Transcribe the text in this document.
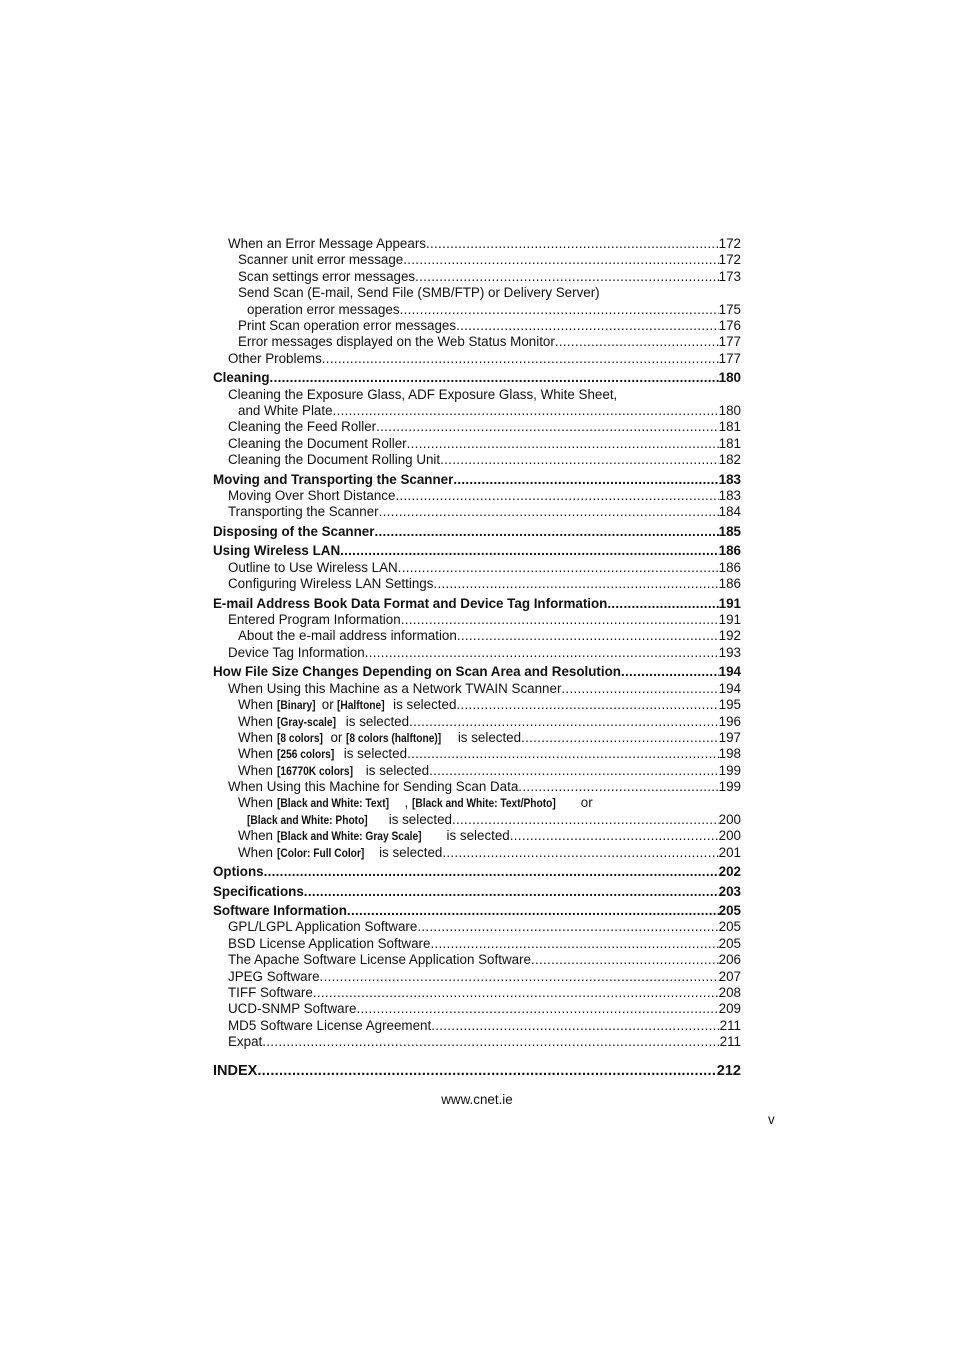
When an Error Message Appears .....	172
Scanner unit error message .....	172
Scan settings error messages .....	173
Send Scan (E-mail, Send File (SMB/FTP) or Delivery Server)
operation error messages .....	175
Print Scan operation error messages .....	176
Error messages displayed on the Web Status Monitor .....	177
Other Problems .....	177
Cleaning .....	180
Cleaning the Exposure Glass, ADF Exposure Glass, White Sheet,
and White Plate .....	180
Cleaning the Feed Roller .....	181
Cleaning the Document Roller .....	181
Cleaning the Document Rolling Unit .....	182
Moving and Transporting the Scanner .....	183
Moving Over Short Distance .....	183
Transporting the Scanner .....	184
Disposing of the Scanner .....	185
Using Wireless LAN .....	186
Outline to Use Wireless LAN .....	186
Configuring Wireless LAN Settings .....	186
E-mail Address Book Data Format and Device Tag Information .....	191
Entered Program Information .....	191
About the e-mail address information .....	192
Device Tag Information .....	193
How File Size Changes Depending on Scan Area and Resolution .....	194
When Using this Machine as a Network TWAIN Scanner .....	194
When [Binary] or [Halftone] is selected .....	195
When [Gray-scale] is selected .....	196
When [8 colors] or [8 colors (halftone)] is selected .....	197
When [256 colors] is selected .....	198
When [16770K colors] is selected .....	199
When Using this Machine for Sending Scan Data .....	199
When [Black and White: Text] , [Black and White: Text/Photo] or
[Black and White: Photo] is selected .....	200
When [Black and White: Gray Scale] is selected .....	200
When [Color: Full Color] is selected .....	201
Options .....	202
Specifications .....	203
Software Information .....	205
GPL/LGPL Application Software .....	205
BSD License Application Software .....	205
The Apache Software License Application Software .....	206
JPEG Software .....	207
TIFF Software .....	208
UCD-SNMP Software .....	209
MD5 Software License Agreement .....	211
Expat .....	211
INDEX .....	212
www.cnet.ie
v
